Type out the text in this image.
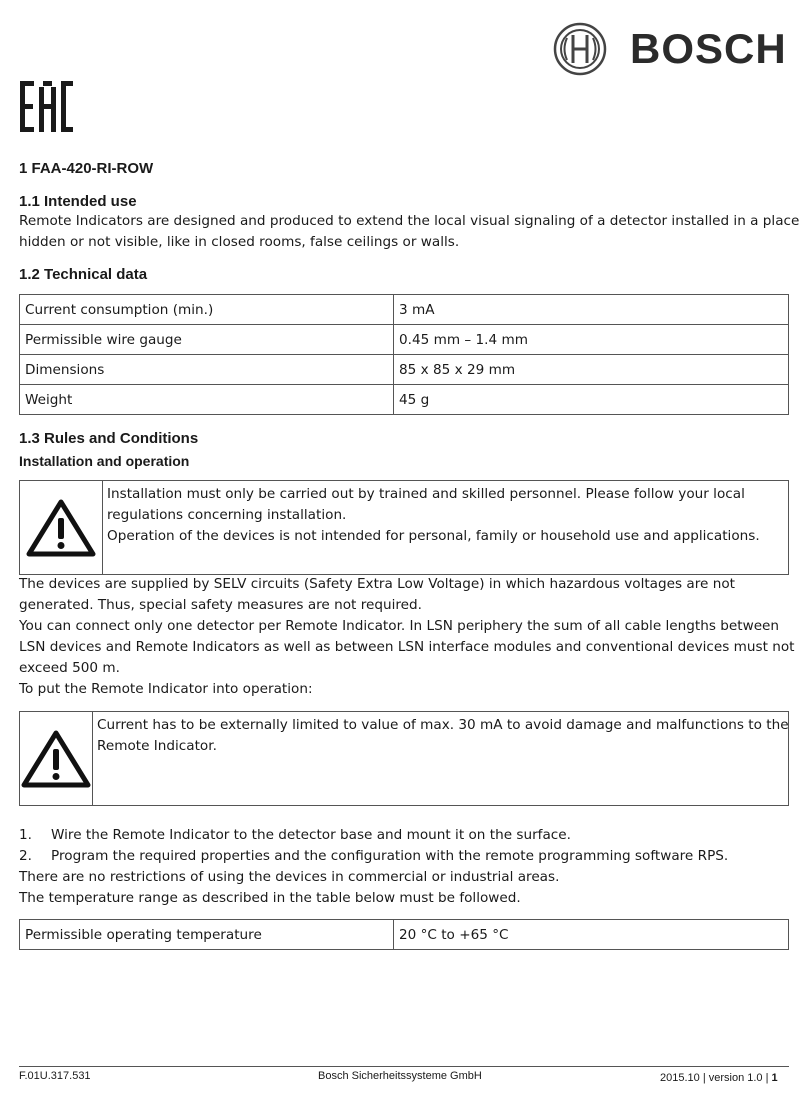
BOSCH
1 FAA-420-RI-ROW
1.1 Intended use
Remote Indicators are designed and produced to extend the local visual signaling of a detector installed in a place
hidden or not visible, like in closed rooms, false ceilings or walls.
1.2 Technical data
Current consumption (min.)	3 mA
Permissible wire gauge	0.45 mm – 1.4 mm
Dimensions	85 x 85 x 29 mm
Weight	45 g
1.3 Rules and Conditions
Installation and operation
Installation must only be carried out by trained and skilled personnel. Please follow your local
regulations concerning installation.
Operation of the devices is not intended for personal, family or household use and applications.
The devices are supplied by SELV circuits (Safety Extra Low Voltage) in which hazardous voltages are not
generated. Thus, special safety measures are not required.
You can connect only one detector per Remote Indicator. In LSN periphery the sum of all cable lengths between
LSN devices and Remote Indicators as well as between LSN interface modules and conventional devices must not
exceed 500 m.
To put the Remote Indicator into operation:
Current has to be externally limited to value of max. 30 mA to avoid damage and malfunctions to the
Remote Indicator.
1. Wire the Remote Indicator to the detector base and mount it on the surface.
2. Program the required properties and the configuration with the remote programming software RPS.
There are no restrictions of using the devices in commercial or industrial areas.
The temperature range as described in the table below must be followed.
Permissible operating temperature	20 °C to +65 °C
F.01U.317.531	Bosch Sicherheitssysteme GmbH	2015.10 | version 1.0 | 1
